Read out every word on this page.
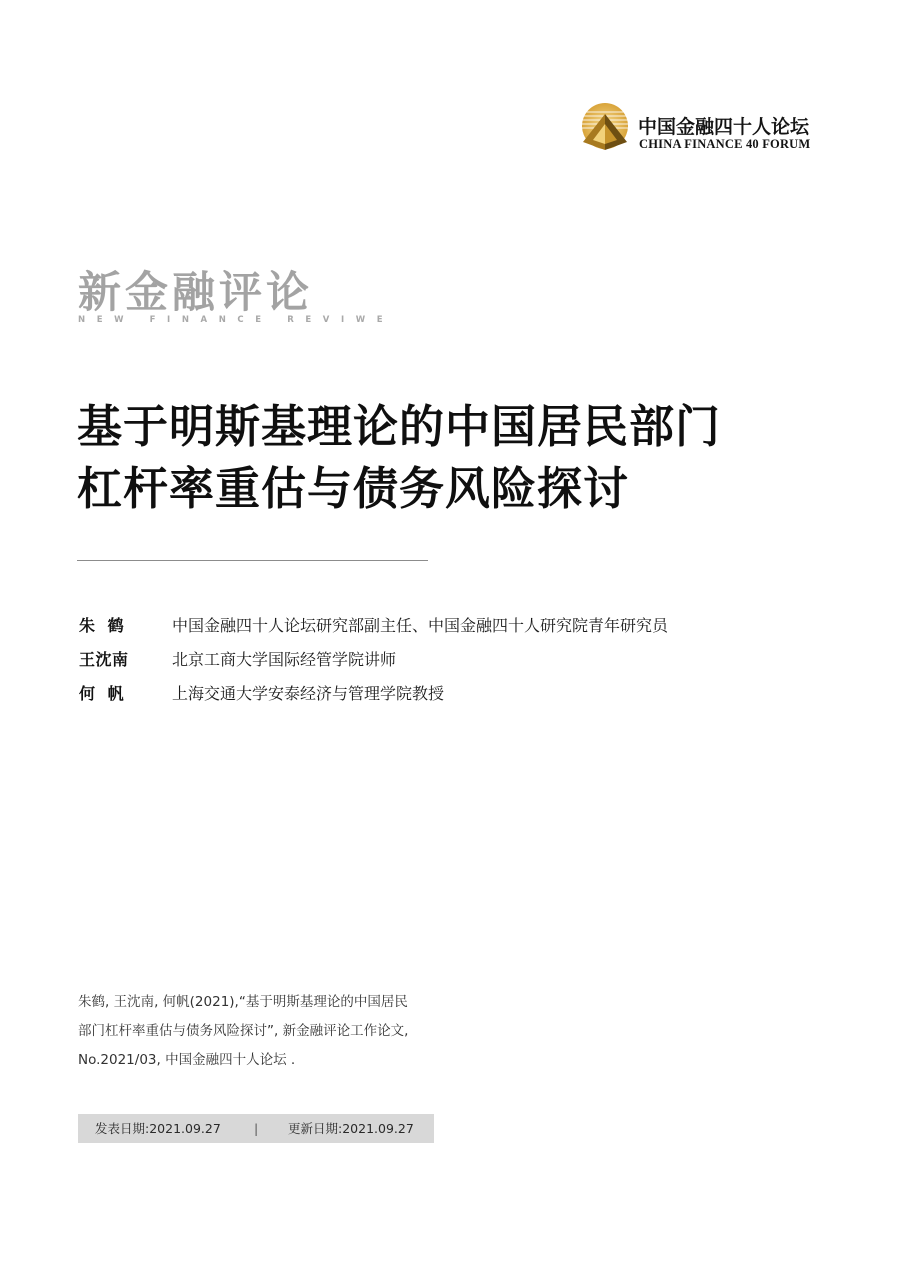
中国金融四十人论坛
CHINA FINANCE 40 FORUM
新金融评论
NEW FINANCE REVIWE
基于明斯基理论的中国居民部门
杠杆率重估与债务风险探讨
朱  鹤	中国金融四十人论坛研究部副主任、中国金融四十人研究院青年研究员
王沈南	北京工商大学国际经管学院讲师
何  帆	上海交通大学安泰经济与管理学院教授
朱鹤, 王沈南, 何帆(2021),“基于明斯基理论的中国居民
部门杠杆率重估与债务风险探讨”, 新金融评论工作论文,
No.2021/03, 中国金融四十人论坛 .
发表日期:2021.09.27	| 更新日期:2021.09.27
